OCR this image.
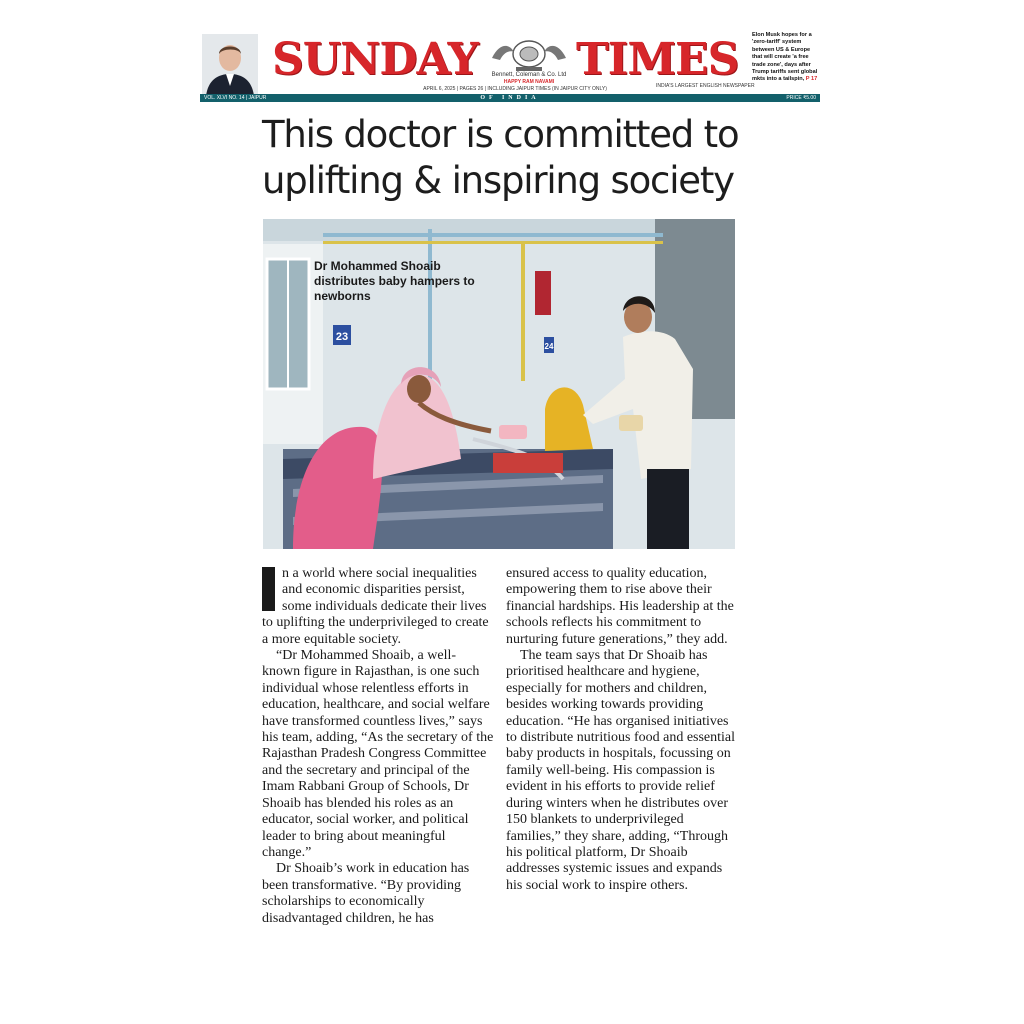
SUNDAY	Bennett, Coleman & Co. Ltd
HAPPY RAM NAVAMI TIMES
APRIL 6, 2025 | PAGES 26 | INCLUDING JAIPUR TIMES (IN JAIPUR CITY ONLY)	INDIA'S LARGEST ENGLISH NEWSPAPER
Elon Musk hopes for a 'zero-tariff' system between US & Europe that will create 'a free trade zone', days after Trump tariffs sent global mkts into a tailspin, P 17
VOL. XLVI NO. 14 | JAIPUR	OF INDIA	PRICE ₹5.00
This doctor is committed to
uplifting & inspiring society
23
24
Dr Mohammed Shoaib distributes baby hampers to newborns

n a world where social inequalities and economic disparities persist, some individuals dedicate their lives to uplifting the underprivileged to create a more equitable society.

“Dr Mohammed Shoaib, a well-known figure in Rajasthan, is one such individual whose relentless efforts in education, healthcare, and social welfare have transformed countless lives,” says his team, adding, “As the secretary of the Rajasthan Pradesh Congress Committee and the secretary and principal of the Imam Rabbani Group of Schools, Dr Shoaib has blended his roles as an educator, social worker, and political leader to bring about meaningful change.”

Dr Shoaib’s work in education has been transformative. “By providing scholarships to economically disadvantaged children, he has

ensured access to quality education, empowering them to rise above their financial hardships. His leadership at the schools reflects his commitment to nurturing future generations,” they add.

The team says that Dr Shoaib has prioritised healthcare and hygiene, especially for mothers and children, besides working towards providing education. “He has organised initiatives to distribute nutritious food and essential baby products in hospitals, focussing on family well-being. His compassion is evident in his efforts to provide relief during winters when he distributes over 150 blankets to underprivileged families,” they share, adding, “Through his political platform, Dr Shoaib addresses systemic issues and expands his social work to inspire others.
